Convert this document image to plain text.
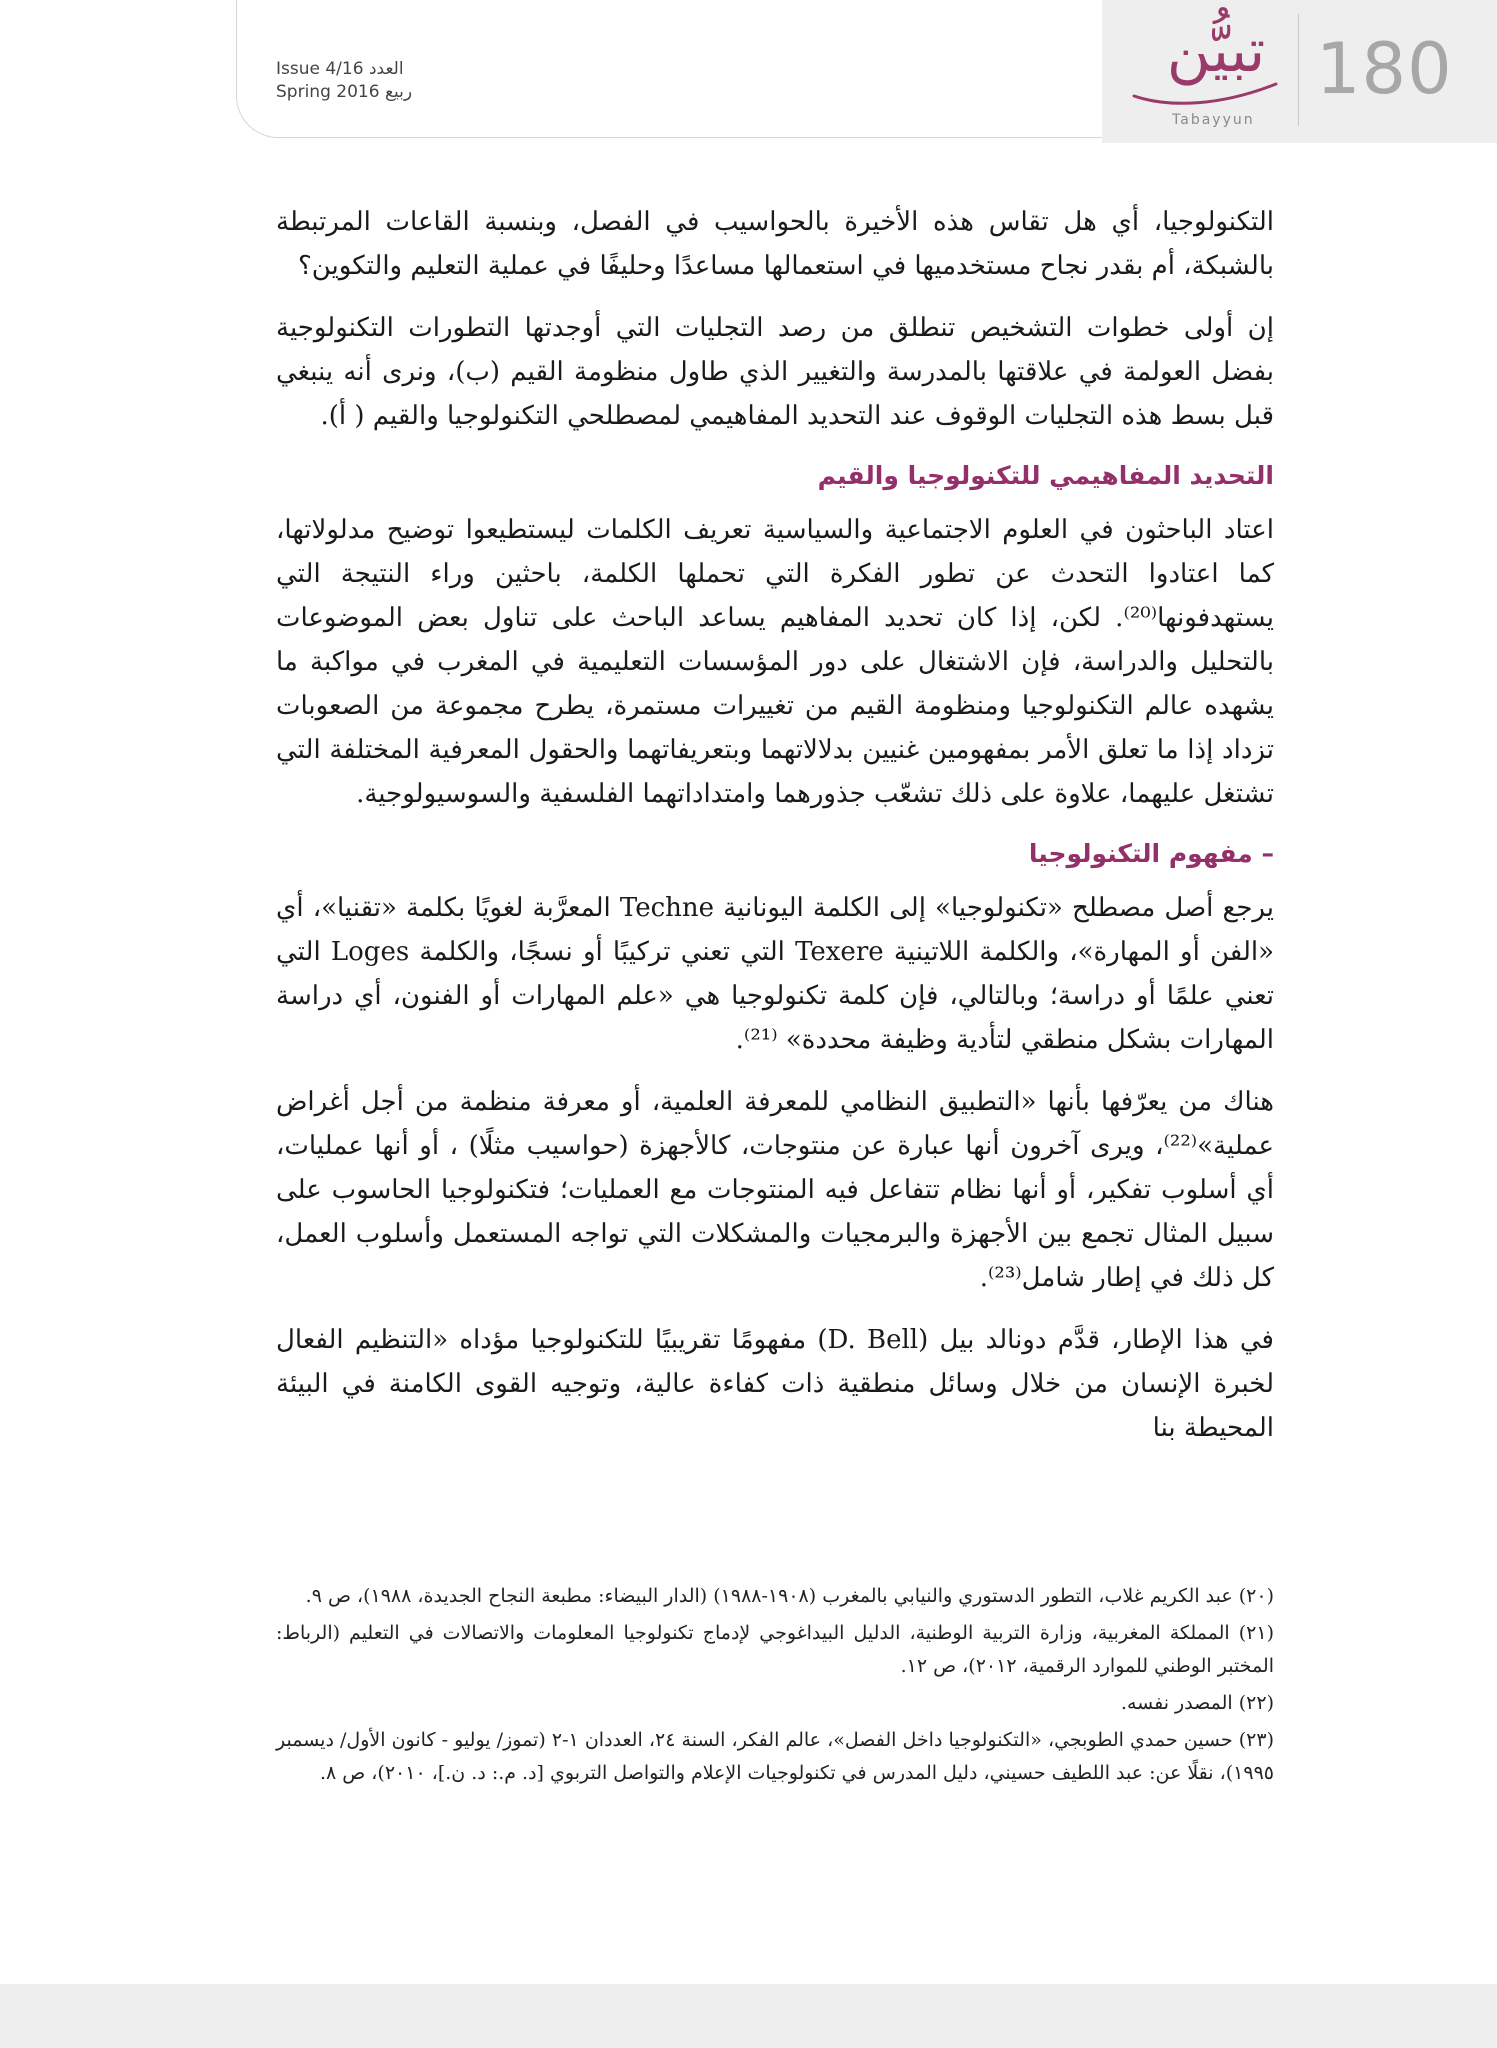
180
تبيُّن
Tabayyun
Issue 4/16 العدد
Spring 2016 ربيع

التكنولوجيا، أي هل تقاس هذه الأخيرة بالحواسيب في الفصل، وبنسبة القاعات المرتبطة بالشبكة، أم بقدر نجاح مستخدميها في استعمالها مساعدًا وحليفًا في عملية التعليم والتكوين؟

إن أولى خطوات التشخيص تنطلق من رصد التجليات التي أوجدتها التطورات التكنولوجية بفضل العولمة في علاقتها بالمدرسة والتغيير الذي طاول منظومة القيم (ب)، ونرى أنه ينبغي قبل بسط هذه التجليات الوقوف عند التحديد المفاهيمي لمصطلحي التكنولوجيا والقيم ( أ).

التحديد المفاهيمي للتكنولوجيا والقيم

اعتاد الباحثون في العلوم الاجتماعية والسياسية تعريف الكلمات ليستطيعوا توضيح مدلولاتها، كما اعتادوا التحدث عن تطور الفكرة التي تحملها الكلمة، باحثين وراء النتيجة التي يستهدفونها⁽²⁰⁾. لكن، إذا كان تحديد المفاهيم يساعد الباحث على تناول بعض الموضوعات بالتحليل والدراسة، فإن الاشتغال على دور المؤسسات التعليمية في المغرب في مواكبة ما يشهده عالم التكنولوجيا ومنظومة القيم من تغييرات مستمرة، يطرح مجموعة من الصعوبات تزداد إذا ما تعلق الأمر بمفهومين غنيين بدلالاتهما وبتعريفاتهما والحقول المعرفية المختلفة التي تشتغل عليهما، علاوة على ذلك تشعّب جذورهما وامتداداتهما الفلسفية والسوسيولوجية.

– مفهوم التكنولوجيا

يرجع أصل مصطلح «تكنولوجيا» إلى الكلمة اليونانية Techne المعرَّبة لغويًا بكلمة «تقنيا»، أي «الفن أو المهارة»، والكلمة اللاتينية Texere التي تعني تركيبًا أو نسجًا، والكلمة Loges التي تعني علمًا أو دراسة؛ وبالتالي، فإن كلمة تكنولوجيا هي «علم المهارات أو الفنون، أي دراسة المهارات بشكل منطقي لتأدية وظيفة محددة» ⁽²¹⁾.

هناك من يعرّفها بأنها «التطبيق النظامي للمعرفة العلمية، أو معرفة منظمة من أجل أغراض عملية»⁽²²⁾، ويرى آخرون أنها عبارة عن منتوجات، كالأجهزة (حواسيب مثلًا) ، أو أنها عمليات، أي أسلوب تفكير، أو أنها نظام تتفاعل فيه المنتوجات مع العمليات؛ فتكنولوجيا الحاسوب على سبيل المثال تجمع بين الأجهزة والبرمجيات والمشكلات التي تواجه المستعمل وأسلوب العمل، كل ذلك في إطار شامل⁽²³⁾.

في هذا الإطار، قدَّم دونالد بيل (D. Bell) مفهومًا تقريبيًا للتكنولوجيا مؤداه «التنظيم الفعال لخبرة الإنسان من خلال وسائل منطقية ذات كفاءة عالية، وتوجيه القوى الكامنة في البيئة المحيطة بنا

(٢٠) عبد الكريم غلاب، التطور الدستوري والنيابي بالمغرب (١٩٠٨-١٩٨٨) (الدار البيضاء: مطبعة النجاح الجديدة، ١٩٨٨)، ص ٩.

(٢١) المملكة المغربية، وزارة التربية الوطنية، الدليل البيداغوجي لإدماج تكنولوجيا المعلومات والاتصالات في التعليم (الرباط: المختبر الوطني للموارد الرقمية، ٢٠١٢)، ص ١٢.

(٢٢) المصدر نفسه.

(٢٣) حسين حمدي الطوبجي، «التكنولوجيا داخل الفصل»، عالم الفكر، السنة ٢٤، العددان ١-٢ (تموز/ يوليو - كانون الأول/ ديسمبر ١٩٩٥)، نقلًا عن: عبد اللطيف حسيني، دليل المدرس في تكنولوجيات الإعلام والتواصل التربوي [د. م.: د. ن.]، ٢٠١٠)، ص ٨.
